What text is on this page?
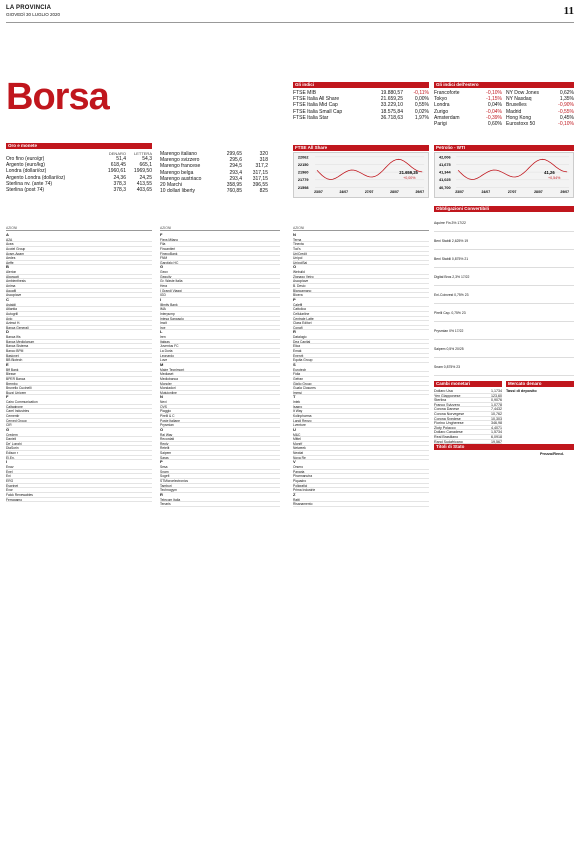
LA PROVINCIA
GIOVEDÌ 30 LUGLIO 2020	11
Borsa
Oro e monete
DENARO	LETTERA
Oro fino (euro/gr)	51,4	54,3
Argento (euro/kg)	618,45	665,1
Londra (dollari/oz)	1960,61	1969,50
Argento Londra (dollari/oz)	24,36	24,25
Sterlina nv. (ante 74)	378,3	413,55
Sterlina (post 74)	378,3	403,65
Marengo italiano	299,65	320
Marengo svizzero	295,6	318
Marengo francese	294,5	317,2
Marengo belga	293,4	317,15
Marengo austriaco	293,4	317,15
20 Marchi	358,95	396,55
10 dollari liberty	760,85	825
Gli indici
FTSE MIB	19.880,57	-0,11%
FTSE Italia All Share	21.659,25	0,00%
FTSE Italia Mid Cap	33.229,10	0,55%
FTSE Italia Small Cap	18.575,84	0,02%
FTSE Italia Star	36.718,63	1,97%
Gli indici dell'estero
Francoforte	-0,10%
Tokyo	-1,15%
Londra	0,04%
Zurigo	-0,04%
Amsterdam	-0,39%
Parigi	0,60%
NY Dow Jones	0,62%
NY Nasdaq	1,35%
Bruxelles	-0,90%
Madrid	-0,55%
Hong Kong	0,45%
Eurostoxx 50	-0,10%
FTSE All Share
22062
22150
21960
21779
21598
23/07	24/07	27/07	28/07	29/07
21.659,25
+0,00%
Petrolio - WTI
42,006
41,675
41,344
41,025
40,700
23/07	24/07	27/07	28/07	29/07
41,26
+0,54%
AZIONI	AZIONI	AZIONI
A
A2A
Acea
Acotel Group
Acsm-Agam
Aedes
Aeffe
B
Alerion
Algowatt
Ambienthesis
Anima
Aquafil
Ascopiave
C
Astaldi
Atlantia
Autogrill
Avio
Azimut H.
Banca Generali
D
Banca Ifis
Banca Mediolanum
Banca Sistema
Banco BPM
Basicnet
BB Biotech
E
Bff Bank
Biesse
BPER Banca
Brembo
Brunello Cucinelli
Buzzi Unicem
F
Cairo Communication
Caltagirone
Carel Industries
Cementir
Cerved Group
CIR
G
Credem
Danieli
De' Longhi
DiaSorin
Edison r
El.En.
I
Enav
Enel
Eni
ERG
Esprinet
Exor
Falck Renewables
Ferragamo
F
Fiera Milano
Fila
Fincantieri
FinecoBank
FNM
Garofalo HC
G
Geox
Gequity
Gr. Waste Italia
Hera
I Grandi Viaggi
IGD
I
Illimity Bank
IMA
Interpump
Intesa Sanpaolo
Inwit
Irce
L
Iren
Italgas
Juventus FC
La Doria
Leonardo
Luve
M
Maire Tecnimont
Mediaset
Mediobanca
Moncler
Mondadori
Mutuionline
N
Nexi
OVS
Piaggio
Pirelli & C
Poste Italiane
Prysmian
O
Rai Way
Recordati
Reply
Retelit
Saipem
Saras
P
Sesa
Snam
Sogefi
STMicroelectronics
Tamburi
Technogym
R
Telecom Italia
Tenaris
N
Terna
Tinexta
Tod's
UniCredit
Unipol
UnipolSai
O
Webuild
Zignago Vetro
Ascopiave
B. Desio
Biancamano
Bioera
P
Caleffi
Cattolica
Cellularline
Centrale Latte
Class Editori
Conafi
R
Datalogic
Dea Capital
Elica
Emak
Enervit
Equita Group
S
Eurotech
Fidia
Gefran
Giglio Group
Guala Closures
Immsi
T
Intek
Isagro
It Way
Kolinpharma
Landi Renzo
Lventure
U
M&C
Mittel
Monrif
Netweek
Newlat
Nova Re
V
Orsero
Panaria
Pharmanutra
Piquadro
Poligrafici
Prima Industrie
Z
Ratti
Risanamento
Obbligazioni Convertibili
Aquirre Fin.3% 17/22
Beni Stabili 2,625% 19
Beni Stabili 0,875% 21
Digital Bros 2,3% 17/22
Eni-Coinvest 0,75% 23
Pirelli Cap. 0,75% 23
Prysmian 0% 17/22
Saipem 0,5% 20/25
Snam 0,875% 23
Cambi monetari
Dollaro Usa	1,1734
Yen Giapponese	123,60
Sterlina	0,9076
Franco Svizzero	1,0778
Corona Danese	7,4432
Corona Norvegese	10,762
Corona Svedese	10,303
Fiorino Ungherese	346,98
Zloty Polacco	4,4071
Dollaro Canadese	1,5734
Real Brasiliano	6,0918
Rand Sudafricano	19,567
Mercato denaro
Tassi di deposito
Titoli di Stato
Prezzo/Rend.
